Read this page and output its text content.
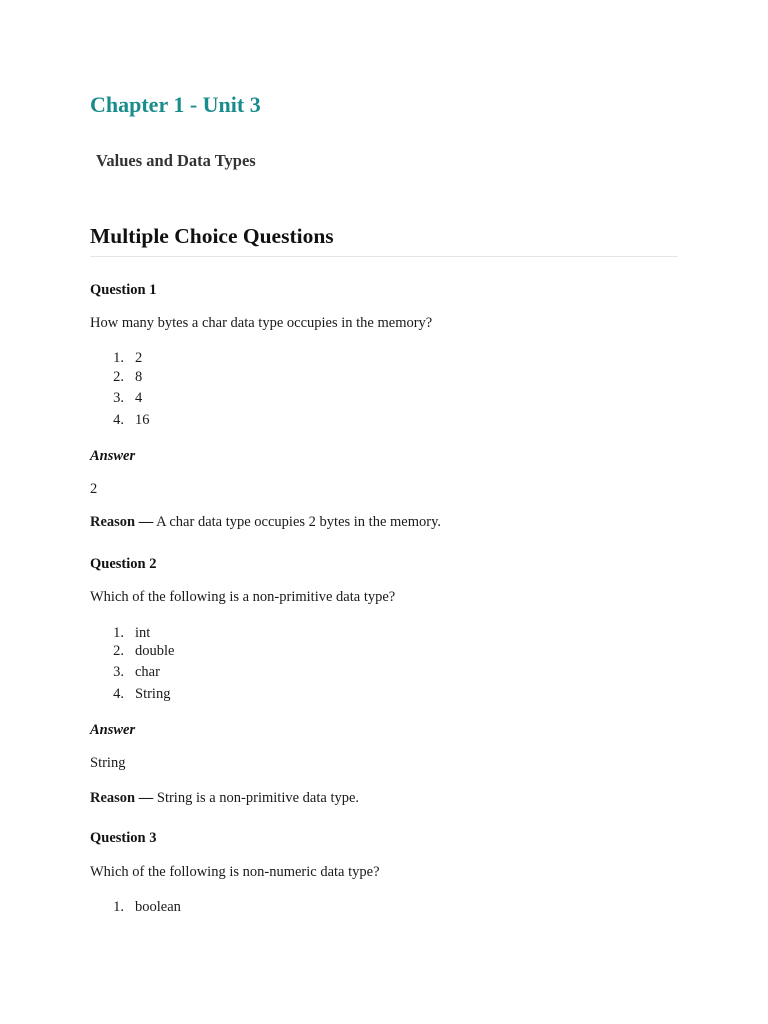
Chapter 1 - Unit 3
Values and Data Types
Multiple Choice Questions
Question 1
How many bytes a char data type occupies in the memory?
1. 2
2. 8
3. 4
4. 16
Answer
2
Reason — A char data type occupies 2 bytes in the memory.
Question 2
Which of the following is a non-primitive data type?
1. int
2. double
3. char
4. String
Answer
String
Reason — String is a non-primitive data type.
Question 3
Which of the following is non-numeric data type?
1. boolean
